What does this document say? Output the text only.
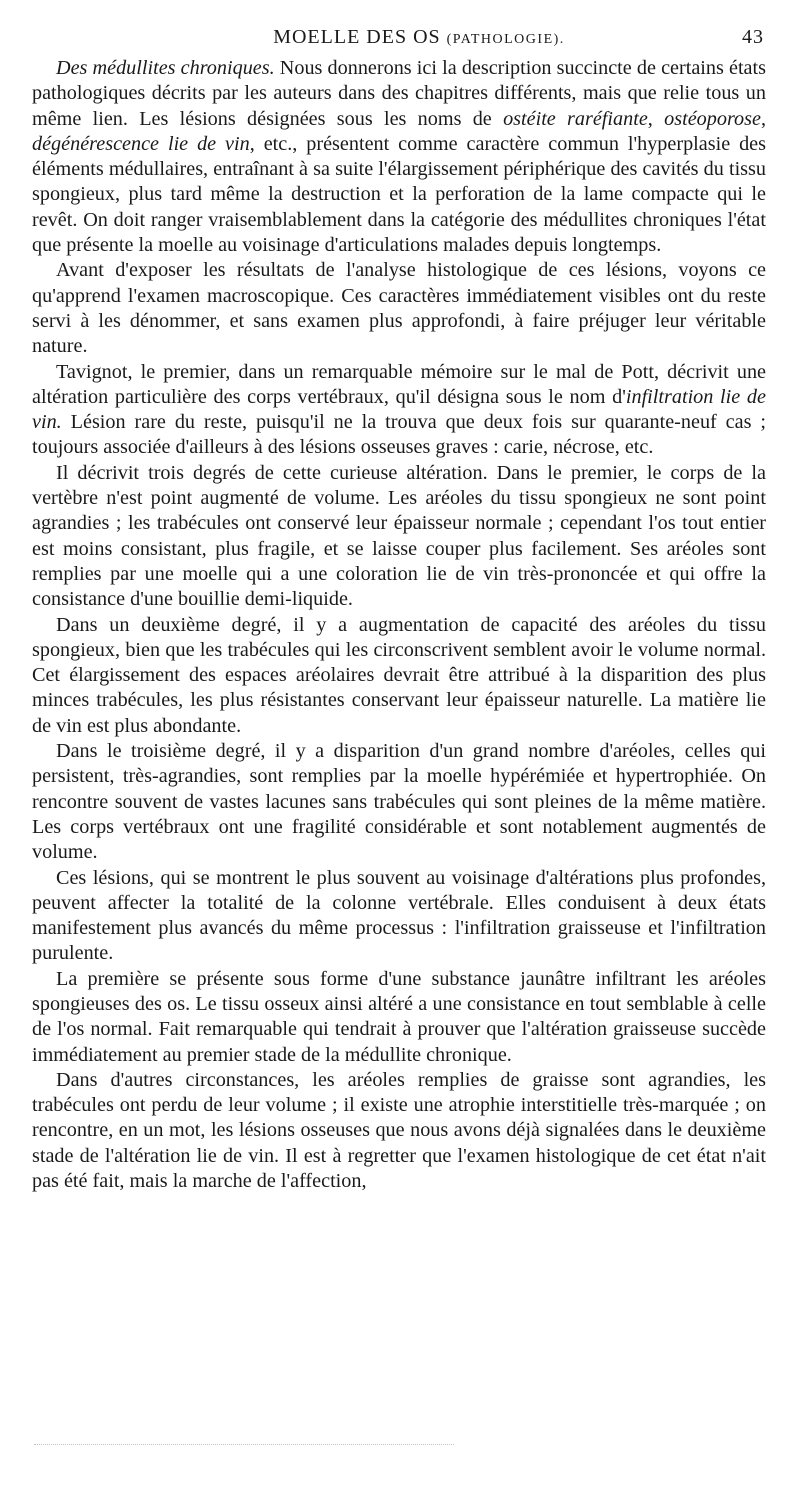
MOELLE DES OS (PATHOLOGIE).	43

Des médullites chroniques. Nous donnerons ici la description succincte de certains états pathologiques décrits par les auteurs dans des chapitres différents, mais que relie tous un même lien. Les lésions désignées sous les noms de ostéite raréfiante, ostéoporose, dégénérescence lie de vin, etc., présentent comme caractère commun l'hyperplasie des éléments médullaires, entraînant à sa suite l'élargissement périphérique des cavités du tissu spongieux, plus tard même la destruction et la perforation de la lame compacte qui le revêt. On doit ranger vraisemblablement dans la catégorie des médullites chroniques l'état que présente la moelle au voisinage d'articulations malades depuis longtemps.

Avant d'exposer les résultats de l'analyse histologique de ces lésions, voyons ce qu'apprend l'examen macroscopique. Ces caractères immédiatement visibles ont du reste servi à les dénommer, et sans examen plus approfondi, à faire préjuger leur véritable nature.

Tavignot, le premier, dans un remarquable mémoire sur le mal de Pott, décrivit une altération particulière des corps vertébraux, qu'il désigna sous le nom d'infiltration lie de vin. Lésion rare du reste, puisqu'il ne la trouva que deux fois sur quarante-neuf cas ; toujours associée d'ailleurs à des lésions osseuses graves : carie, nécrose, etc.

Il décrivit trois degrés de cette curieuse altération. Dans le premier, le corps de la vertèbre n'est point augmenté de volume. Les aréoles du tissu spongieux ne sont point agrandies ; les trabécules ont conservé leur épaisseur normale ; cependant l'os tout entier est moins consistant, plus fragile, et se laisse couper plus facilement. Ses aréoles sont remplies par une moelle qui a une coloration lie de vin très-prononcée et qui offre la consistance d'une bouillie demi-liquide.

Dans un deuxième degré, il y a augmentation de capacité des aréoles du tissu spongieux, bien que les trabécules qui les circonscrivent semblent avoir le volume normal. Cet élargissement des espaces aréolaires devrait être attribué à la disparition des plus minces trabécules, les plus résistantes conservant leur épaisseur naturelle. La matière lie de vin est plus abondante.

Dans le troisième degré, il y a disparition d'un grand nombre d'aréoles, celles qui persistent, très-agrandies, sont remplies par la moelle hypérémiée et hypertrophiée. On rencontre souvent de vastes lacunes sans trabécules qui sont pleines de la même matière. Les corps vertébraux ont une fragilité considérable et sont notablement augmentés de volume.

Ces lésions, qui se montrent le plus souvent au voisinage d'altérations plus profondes, peuvent affecter la totalité de la colonne vertébrale. Elles conduisent à deux états manifestement plus avancés du même processus : l'infiltration graisseuse et l'infiltration purulente.

La première se présente sous forme d'une substance jaunâtre infiltrant les aréoles spongieuses des os. Le tissu osseux ainsi altéré a une consistance en tout semblable à celle de l'os normal. Fait remarquable qui tendrait à prouver que l'altération graisseuse succède immédiatement au premier stade de la médullite chronique.

Dans d'autres circonstances, les aréoles remplies de graisse sont agrandies, les trabécules ont perdu de leur volume ; il existe une atrophie interstitielle très-marquée ; on rencontre, en un mot, les lésions osseuses que nous avons déjà signalées dans le deuxième stade de l'altération lie de vin. Il est à regretter que l'examen histologique de cet état n'ait pas été fait, mais la marche de l'affection,
